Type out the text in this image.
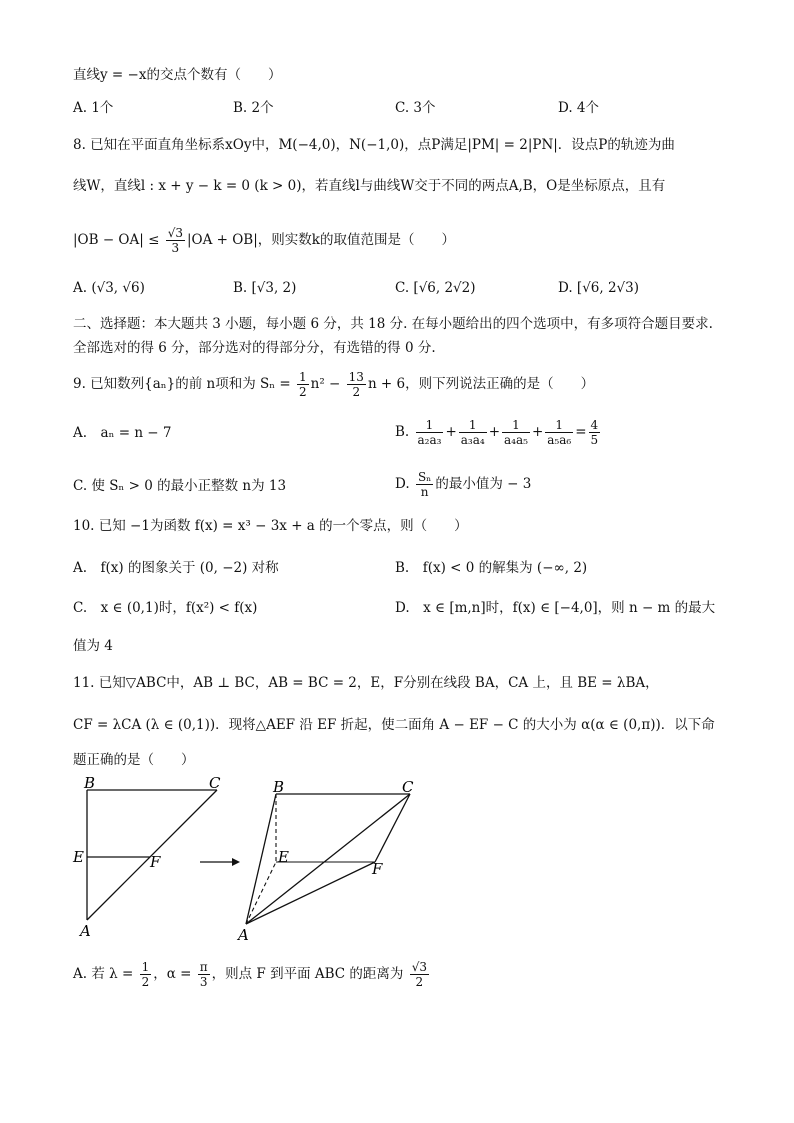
直线y = −x的交点个数有（　　）
A. 1个	B. 2个	C. 3个	D. 4个
8. 已知在平面直角坐标系xOy中，M(−4,0)，N(−1,0)，点P满足|PM| = 2|PN|．设点P的轨迹为曲
线W，直线l : x + y − k = 0 (k > 0)，若直线l与曲线W交于不同的两点A,B，O是坐标原点，且有
$|OB - OA| \le \frac{√3}{3} |OA + OB|$，则实数k的取值范围是（　　）
A. (√3, √6)	B. [√3, 2)	C. [√6, 2√2)	D. [√6, 2√3)
二、选择题：本大题共 3 小题，每小题 6 分，共 18 分. 在每小题给出的四个选项中，有多项符合题目要求.
全部选对的得 6 分，部分选对的得部分分，有选错的得 0 分.
9. 已知数列{aₙ}的前 n项和为 $S_n = \frac{1}{2} n^2 - \frac{13}{2}$ n + 6，则下列说法正确的是（　　）
A.　aₙ = n − 7	B. $\frac{1}{\text{a₂a₃}} + \frac{1}{\text{a₃a₄}} + \frac{1}{\text{a₄a₅}} + \frac{1}{\text{a₅a₆}} = \frac{4}{5}$
C. 使 Sₙ > 0 的最小正整数 n为 13	D. $\frac{\text{Sₙ}}{n}$ 的最小值为 − 3
10. 已知 −1为函数 f(x) = x³ − 3x + a 的一个零点，则（　　）
A.　f(x) 的图象关于 (0, −2) 对称	B.　f(x) < 0 的解集为 (−∞, 2)
C.　x ∈ (0,1)时，f(x²) < f(x)	D.　x ∈ [m,n]时，f(x) ∈ [−4,0]，则 n − m 的最大
值为 4
11. 已知▽ABC中，AB ⊥ BC，AB = BC = 2，E，F分别在线段 BA，CA 上，且 BE = λBA，
CF = λCA (λ ∈ (0,1))．现将△AEF 沿 EF 折起，使二面角 A − EF − C 的大小为 α(α ∈ (0,π))．以下命
题正确的是（　　）
B	C
E	F
A
B	C
E
F
A
A. 若 $\lambda = \frac{1}{2}$ ，$\alpha = \frac{\pi}{3}$ ，则点 F 到平面 ABC 的距离为 $\frac{√3}{2}$
